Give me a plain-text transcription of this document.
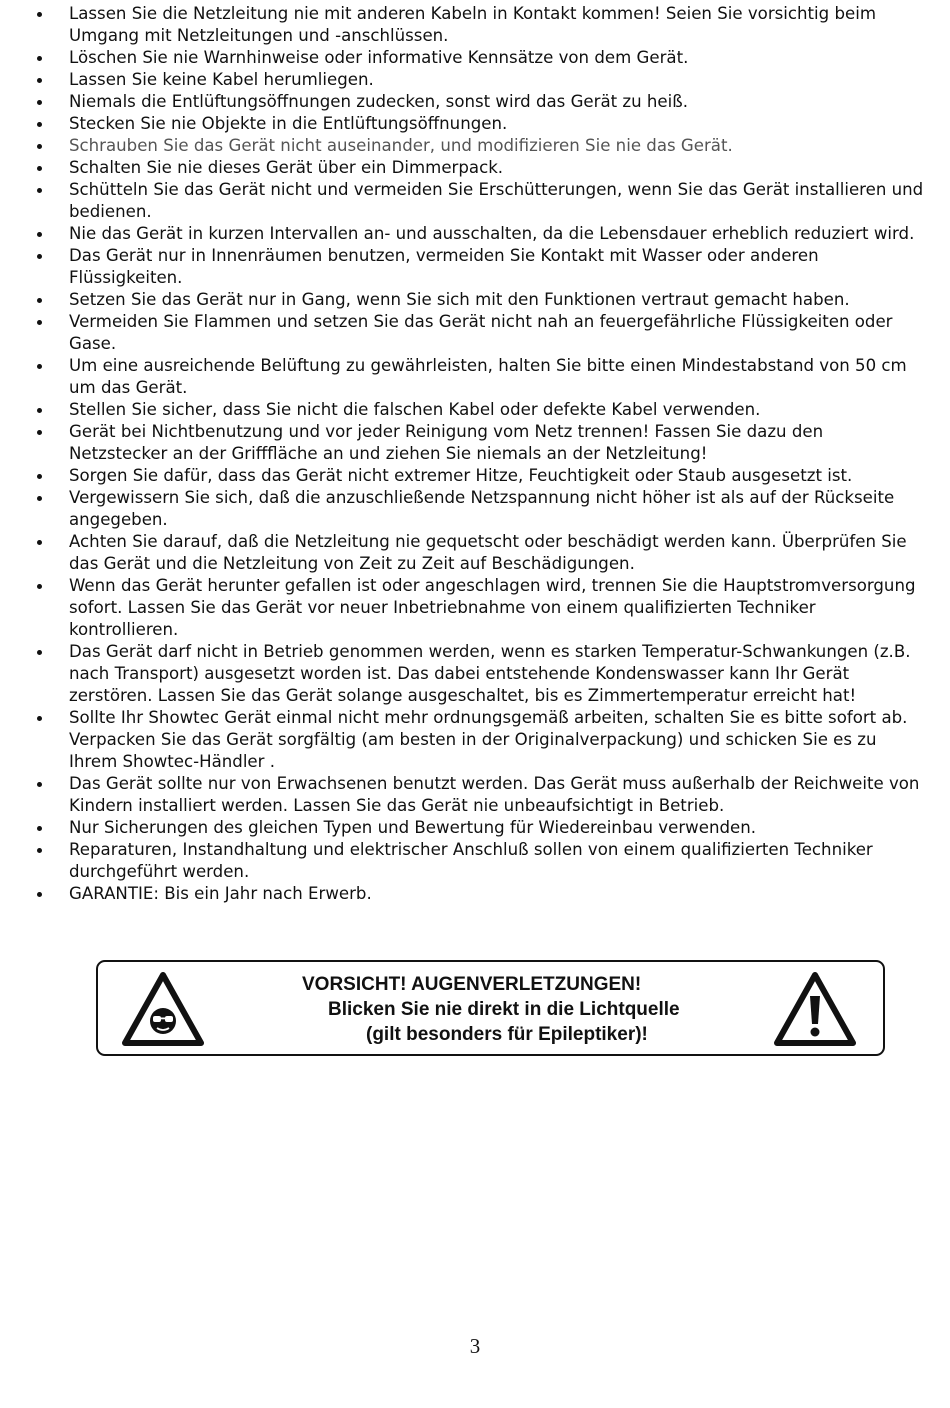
Lassen Sie die Netzleitung nie mit anderen Kabeln in Kontakt kommen! Seien Sie vorsichtig beim Umgang mit Netzleitungen und -anschlüssen.
Löschen Sie nie Warnhinweise oder informative Kennsätze von dem Gerät.
Lassen Sie keine Kabel herumliegen.
Niemals die Entlüftungsöffnungen zudecken, sonst wird das Gerät zu heiß.
Stecken Sie nie Objekte in die Entlüftungsöffnungen.
Schrauben Sie das Gerät nicht auseinander, und modifizieren Sie nie das Gerät.
Schalten Sie nie dieses Gerät über ein Dimmerpack.
Schütteln Sie das Gerät nicht und vermeiden Sie Erschütterungen, wenn Sie das Gerät installieren und bedienen.
Nie das Gerät in kurzen Intervallen an- und ausschalten, da die Lebensdauer erheblich reduziert wird.
Das Gerät nur in Innenräumen benutzen, vermeiden Sie Kontakt mit Wasser oder anderen Flüssigkeiten.
Setzen Sie das Gerät nur in Gang, wenn Sie sich mit den Funktionen vertraut gemacht haben.
Vermeiden Sie Flammen und setzen Sie das Gerät nicht nah an feuergefährliche Flüssigkeiten oder Gase.
Um eine ausreichende Belüftung zu gewährleisten, halten Sie bitte einen Mindestabstand von 50 cm um das Gerät.
Stellen Sie sicher, dass Sie nicht die falschen Kabel oder defekte Kabel verwenden.
Gerät bei Nichtbenutzung und vor jeder Reinigung vom Netz trennen! Fassen Sie dazu den Netzstecker an der Grifffläche an und ziehen Sie niemals an der Netzleitung!
Sorgen Sie dafür, dass das Gerät nicht extremer Hitze, Feuchtigkeit oder Staub ausgesetzt ist.
Vergewissern Sie sich, daß die anzuschließende Netzspannung nicht höher ist als auf der Rückseite angegeben.
Achten Sie darauf, daß die Netzleitung nie gequetscht oder beschädigt werden kann. Überprüfen Sie das Gerät und die Netzleitung von Zeit zu Zeit auf Beschädigungen.
Wenn das Gerät herunter gefallen ist oder angeschlagen wird, trennen Sie die Hauptstromversorgung sofort. Lassen Sie das Gerät vor neuer Inbetriebnahme von einem qualifizierten Techniker kontrollieren.
Das Gerät darf nicht in Betrieb genommen werden, wenn es starken Temperatur-Schwankungen (z.B. nach Transport) ausgesetzt worden ist. Das dabei entstehende Kondenswasser kann Ihr Gerät zerstören. Lassen Sie das Gerät solange ausgeschaltet, bis es Zimmertemperatur erreicht hat!
Sollte Ihr Showtec Gerät einmal nicht mehr ordnungsgemäß arbeiten, schalten Sie es bitte sofort ab. Verpacken Sie das Gerät sorgfältig (am besten in der Originalverpackung) und schicken Sie es zu Ihrem Showtec-Händler .
Das Gerät sollte nur von Erwachsenen benutzt werden. Das Gerät muss außerhalb der Reichweite von Kindern installiert werden. Lassen Sie das Gerät nie unbeaufsichtigt in Betrieb.
Nur Sicherungen des gleichen Typen und Bewertung für Wiedereinbau verwenden.
Reparaturen, Instandhaltung und elektrischer Anschluß sollen von einem qualifizierten Techniker durchgeführt werden.
GARANTIE: Bis ein Jahr nach Erwerb.
VORSICHT! AUGENVERLETZUNGEN!
Blicken Sie nie direkt in die Lichtquelle
(gilt besonders für Epileptiker)!
3
